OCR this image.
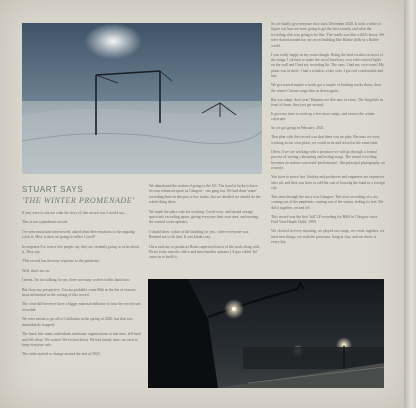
STUART SAYS
'THE WINTER PROMENADE'

If you were to ask me what the story of this record was I would say...

This is not a pandemic record.

I've seen musicians interviewed, asked what their reactions to the ongoing crisis is. How is their art going to reflect Covid?

In response I've seen a few people say they are certainly going to write about it. They say,

'This record has been my response to the pandemic.'

Well, that's not us.

I mean, I'm not talking for me, there are many writers in this band now.

But from my perspective, Corona probably came 86th in the list of reasons most influential in the writing of this record.

The virus did however have a bigger material influence in how the record was recorded.

We were meant to go off to California in the spring of 2020, but that was immediately stopped.

The band, like many individuals and many organisations at that time, fell back and fell silent. We waited. We locked down. We had family time, we tried to keep everyone safe.

The order started to change around the end of 2020.

We abandoned the notion of going to the US. The band is lucky to have its own rehearsal space in Glasgow - our gang hut. We had done 'some' recording there in the past, a few tracks, but we decided we should do the whole thing there.

We made the place safe for working, Covid-wise, and turned storage space into recording space, giving everyone their own area, and moving the control room upstairs.

I should draw a plan of the building for you, where everyone was. Remind me to do that. It was kinda cosy.

Chris and our co-producer Brian supervised most of the work along with Pietro (who runs the office and merchandise upstairs.) A guy called Tal came in to build it.

So we finally get everyone in to start, December 2020. It took a while to figure out how we were going to get the best sounds, and what the recording vibe was going to be like. The studio was like a doll's house. We were dotted around for our secret building like Barbie dolls in a Barbie world.

I was really happy in my room though. Being the lead vocalist on most of the songs, I sat here to make the vocal booth my own with colored lights on the wall and I had my recording kit. The cans. I had my own room! My piano was in there, I had a window, a tiny sofa. I got real comfortable and fast.

We got started maybe a week, got a couple of backing tracks down, then the winter Corona surge shut us down again.

But you adapt, don't you? Humans are like ants in a box. The long hills in front of them, they just get around.

It gave me time to work up a few more songs, and restore the winter cityscape.

So we got going in February, 2021.

That plan with this record was that there was no plan. Because we were working in our own place, we could write and record at the same time.

Often, if we are working with a producer we will go through a formal process of writing, rehearsing and testing songs. The actual recording becomes an intense concerted 'performance', like principal photography on a movie.

You have to move fast. Studios and producers and engineers are expensive after all, and then you have to add the cost of housing the band in a foreign city.

This time through the story was Glasgow. The slow recording of a city coming out of the pandemic, coming out of the winter, feeling its feet. We did it together, on and off.

This record was the first 'full' LP recording for B&S in Glasgow since Fold Your Hands Child, 1999.

We clocked in every morning, we played our songs, we wrote together, we tried new things, we took the pressures, hung at clay, and we threw it every day.
